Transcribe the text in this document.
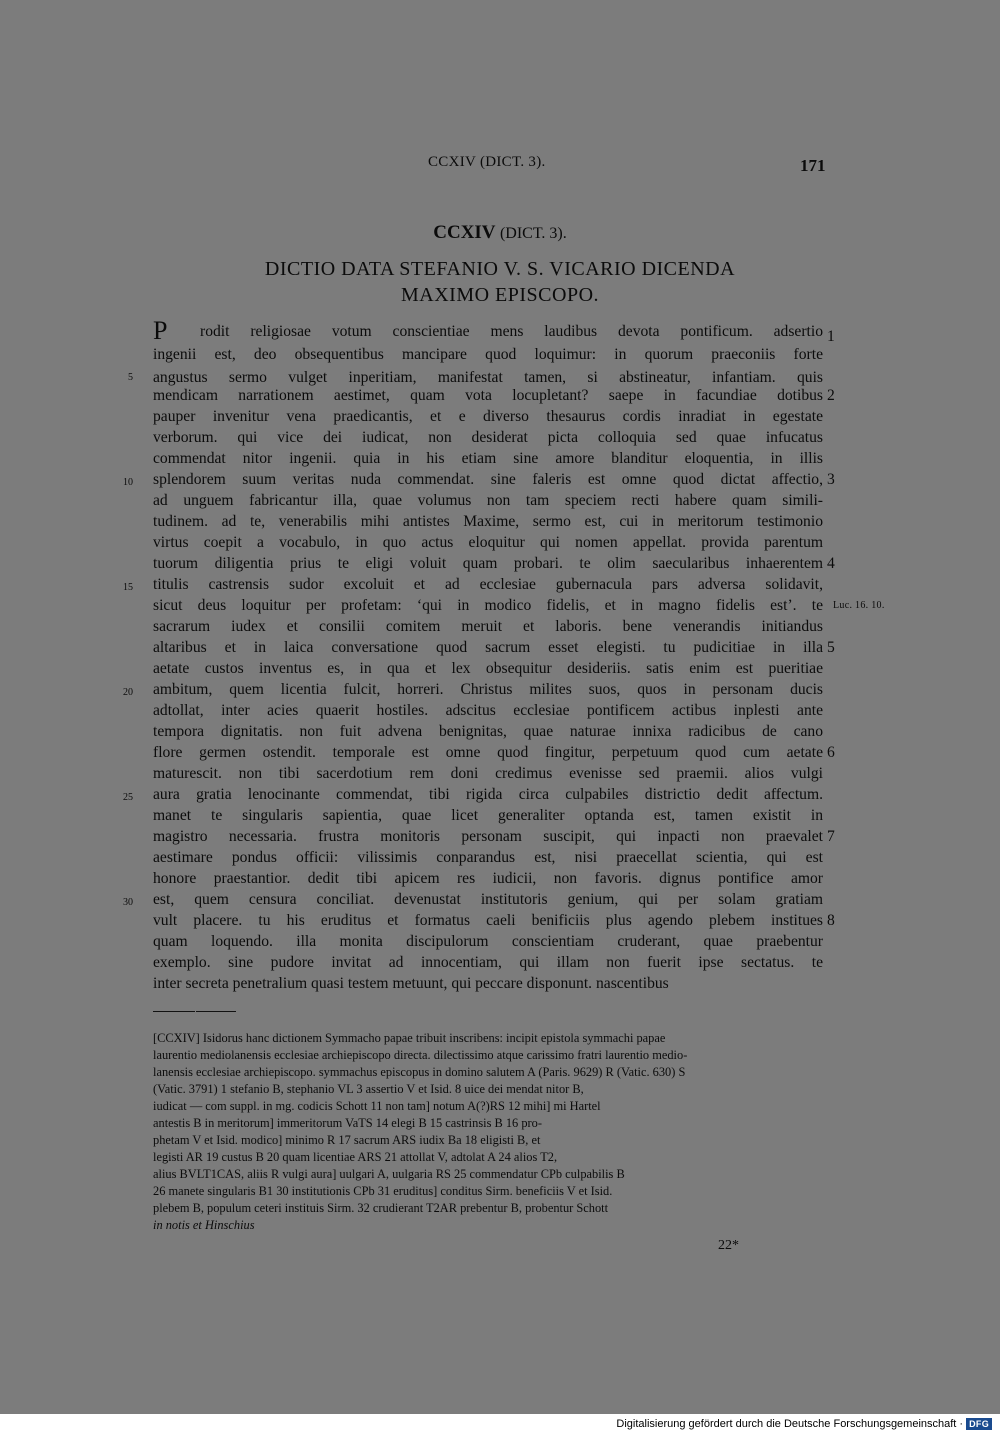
CCXIV (DICT. 3).	171
CCXIV (DICT. 3).
DICTIO DATA STEFANIO V. S. VICARIO DICENDA
MAXIMO EPISCOPO.
P rodit religiosae votum conscientiae mens laudibus devota pontificum. adsertio
ingenii est, deo obsequentibus mancipare quod loquimur: in quorum praeconiis forte
angustus sermo vulget inperitiam, manifestat tamen, si abstineatur, infantiam. quis
mendicam narrationem aestimet, quam vota locupletant? saepe in facundiae dotibus
pauper invenitur vena praedicantis, et e diverso thesaurus cordis inradiat in egestate
verborum. qui vice dei iudicat, non desiderat picta colloquia sed quae infucatus
commendat nitor ingenii. quia in his etiam sine amore blanditur eloquentia, in illis
splendorem suum veritas nuda commendat. sine faleris est omne quod dictat affectio,
ad unguem fabricantur illa, quae volumus non tam speciem recti habere quam simili-
tudinem. ad te, venerabilis mihi antistes Maxime, sermo est, cui in meritorum testimonio
virtus coepit a vocabulo, in quo actus eloquitur qui nomen appellat. provida parentum
tuorum diligentia prius te eligi voluit quam probari. te olim saecularibus inhaerentem
titulis castrensis sudor excoluit et ad ecclesiae gubernacula pars adversa solidavit,
sicut deus loquitur per profetam: ‘qui in modico fidelis, et in magno fidelis est’. te
sacrarum iudex et consilii comitem meruit et laboris. bene venerandis initiandus
altaribus et in laica conversatione quod sacrum esset elegisti. tu pudicitiae in illa
aetate custos inventus es, in qua et lex obsequitur desideriis. satis enim est pueritiae
ambitum, quem licentia fulcit, horreri. Christus milites suos, quos in personam ducis
adtollat, inter acies quaerit hostiles. adscitus ecclesiae pontificem actibus inplesti ante
tempora dignitatis. non fuit advena benignitas, quae naturae innixa radicibus de cano
flore germen ostendit. temporale est omne quod fingitur, perpetuum quod cum aetate
maturescit. non tibi sacerdotium rem doni credimus evenisse sed praemii. alios vulgi
aura gratia lenocinante commendat, tibi rigida circa culpabiles districtio dedit affectum.
manet te singularis sapientia, quae licet generaliter optanda est, tamen existit in
magistro necessaria. frustra monitoris personam suscipit, qui inpacti non praevalet
aestimare pondus officii: vilissimis conparandus est, nisi praecellat scientia, qui est
honore praestantior. dedit tibi apicem res iudicii, non favoris. dignus pontifice amor
est, quem censura conciliat. devenustat institutoris genium, qui per solam gratiam
vult placere. tu his eruditus et formatus caeli benificiis plus agendo plebem institues
quam loquendo. illa monita discipulorum conscientiam cruderant, quae praebentur
exemplo. sine pudore invitat ad innocentiam, qui illam non fuerit ipse sectatus. te
inter secreta penetralium quasi testem metuunt, qui peccare disponunt. nascentibus
1
2
3
4
5
6
7
8
5
10
15
20
25
30
Luc. 16. 10.
[CCXIV] Isidorus hanc dictionem Symmacho papae tribuit inscribens: incipit epistola symmachi papae
laurentio mediolanensis ecclesiae archiepiscopo directa. dilectissimo atque carissimo fratri laurentio medio-
lanensis ecclesiae archiepiscopo. symmachus episcopus in domino salutem A (Paris. 9629) R (Vatic. 630) S
(Vatic. 3791) 1 stefanio B, stephanio VL 3 assertio V et Isid. 8 uice dei mendat nitor B,
iudicat — com suppl. in mg. codicis Schott 11 non tam] notum A(?)RS 12 mihi] mi Hartel
antestis B in meritorum] immeritorum VaTS 14 elegi B 15 castrinsis B 16 pro-
phetam V et Isid. modico] minimo R 17 sacrum ARS iudix Ba 18 eligisti B, et
legisti AR 19 custus B 20 quam licentiae ARS 21 attollat V, adtolat A 24 alios T2,
alius BVLT1CAS, aliis R vulgi aura] uulgari A, uulgaria RS 25 commendatur CPb culpabilis B
26 manete singularis B1 30 institutionis CPb 31 eruditus] conditus Sirm. beneficiis V et Isid.
plebem B, populum ceteri instituis Sirm. 32 crudierant T2AR prebentur B, probentur Schott
in notis et Hinschius
22*
Digitalisierung gefördert durch die Deutsche Forschungsgemeinschaft · DFG
